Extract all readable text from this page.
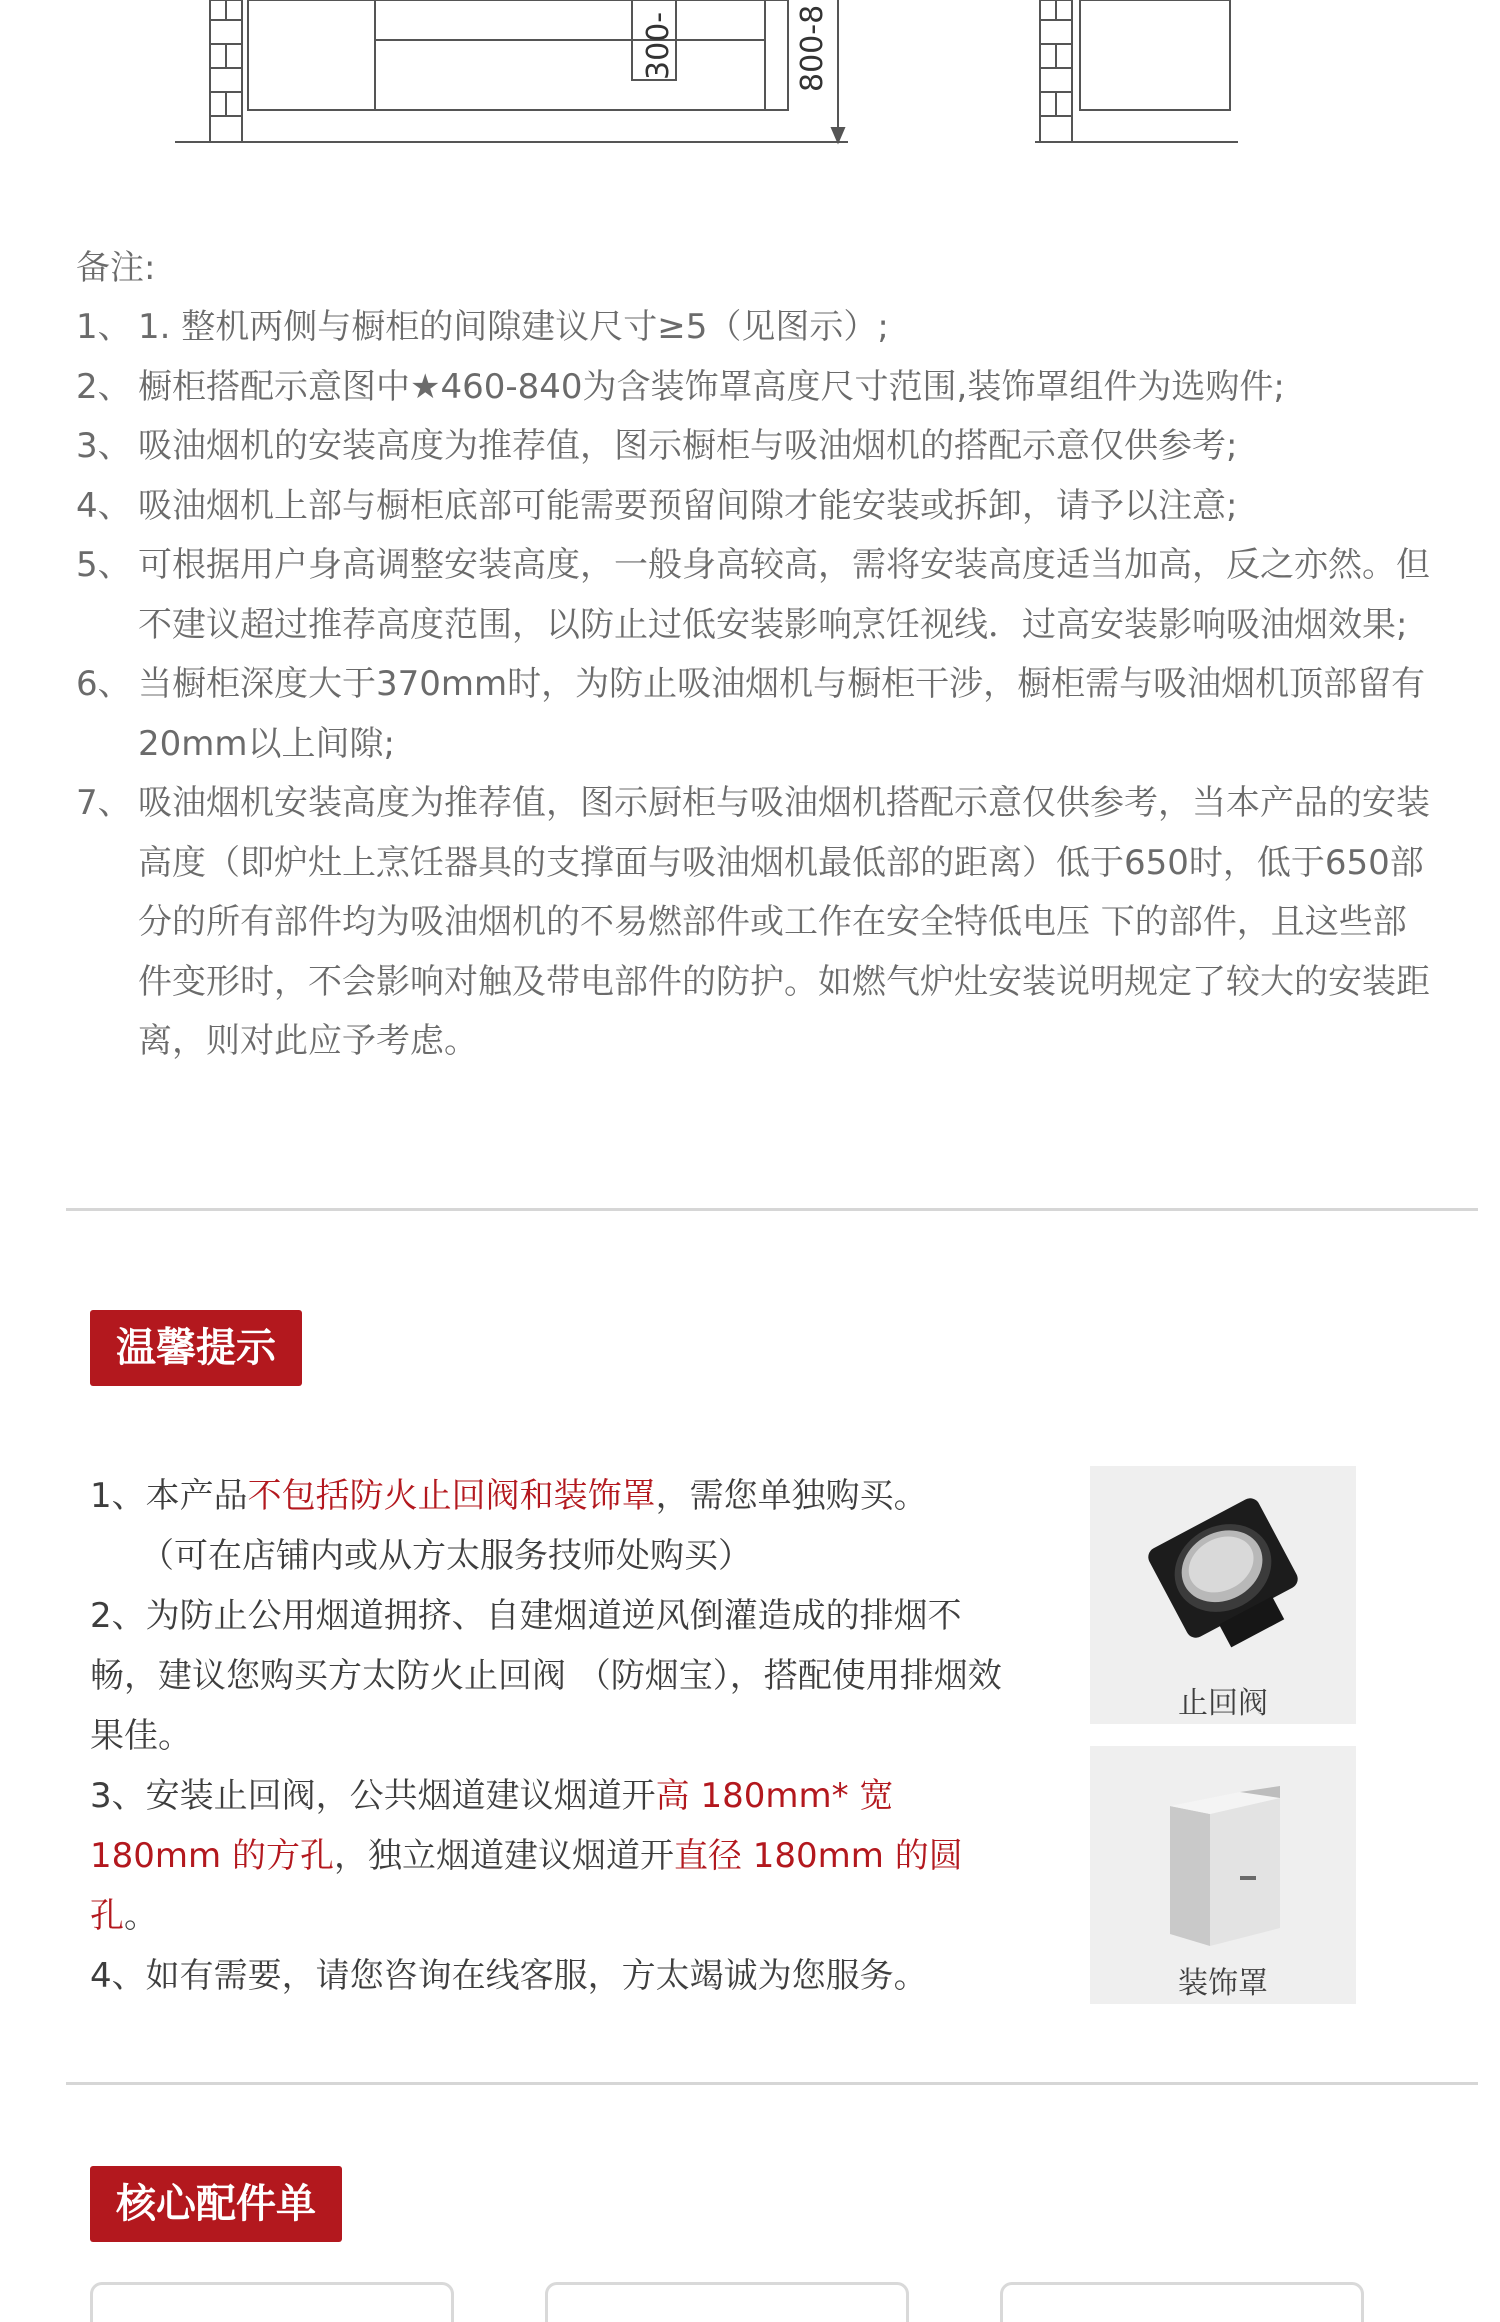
300-	800-8
备注:
1、 1. 整机两侧与橱柜的间隙建议尺寸≥5（见图示）;
2、 橱柜搭配示意图中★460-840为含装饰罩高度尺寸范围,装饰罩组件为选购件;
3、 吸油烟机的安装高度为推荐值，图示橱柜与吸油烟机的搭配示意仅供参考;
4、 吸油烟机上部与橱柜底部可能需要预留间隙才能安装或拆卸，请予以注意;
5、 可根据用户身高调整安装高度，一般身高较高，需将安装高度适当加高，反之亦然。但不建议超过推荐高度范围，以防止过低安装影响烹饪视线．过高安装影响吸油烟效果;
6、 当橱柜深度大于370mm时，为防止吸油烟机与橱柜干涉，橱柜需与吸油烟机顶部留有20mm以上间隙;
7、 吸油烟机安装高度为推荐值，图示厨柜与吸油烟机搭配示意仅供参考，当本产品的安装高度（即炉灶上烹饪器具的支撑面与吸油烟机最低部的距离）低于650时，低于650部分的所有部件均为吸油烟机的不易燃部件或工作在安全特低电压 下的部件，且这些部件变形时，不会影响对触及带电部件的防护。如燃气炉灶安装说明规定了较大的安装距离，则对此应予考虑。
温馨提示

1、本产品不包括防火止回阀和装饰罩，需您单独购买。
（可在店铺内或从方太服务技师处购买）

2、为防止公用烟道拥挤、自建烟道逆风倒灌造成的排烟不畅，建议您购买方太防火止回阀 （防烟宝），搭配使用排烟效果佳。

3、安装止回阀，公共烟道建议烟道开高 180mm* 宽 180mm 的方孔，独立烟道建议烟道开直径 180mm 的圆孔。

4、如有需要，请您咨询在线客服，方太竭诚为您服务。

止回阀
装饰罩
核心配件单
